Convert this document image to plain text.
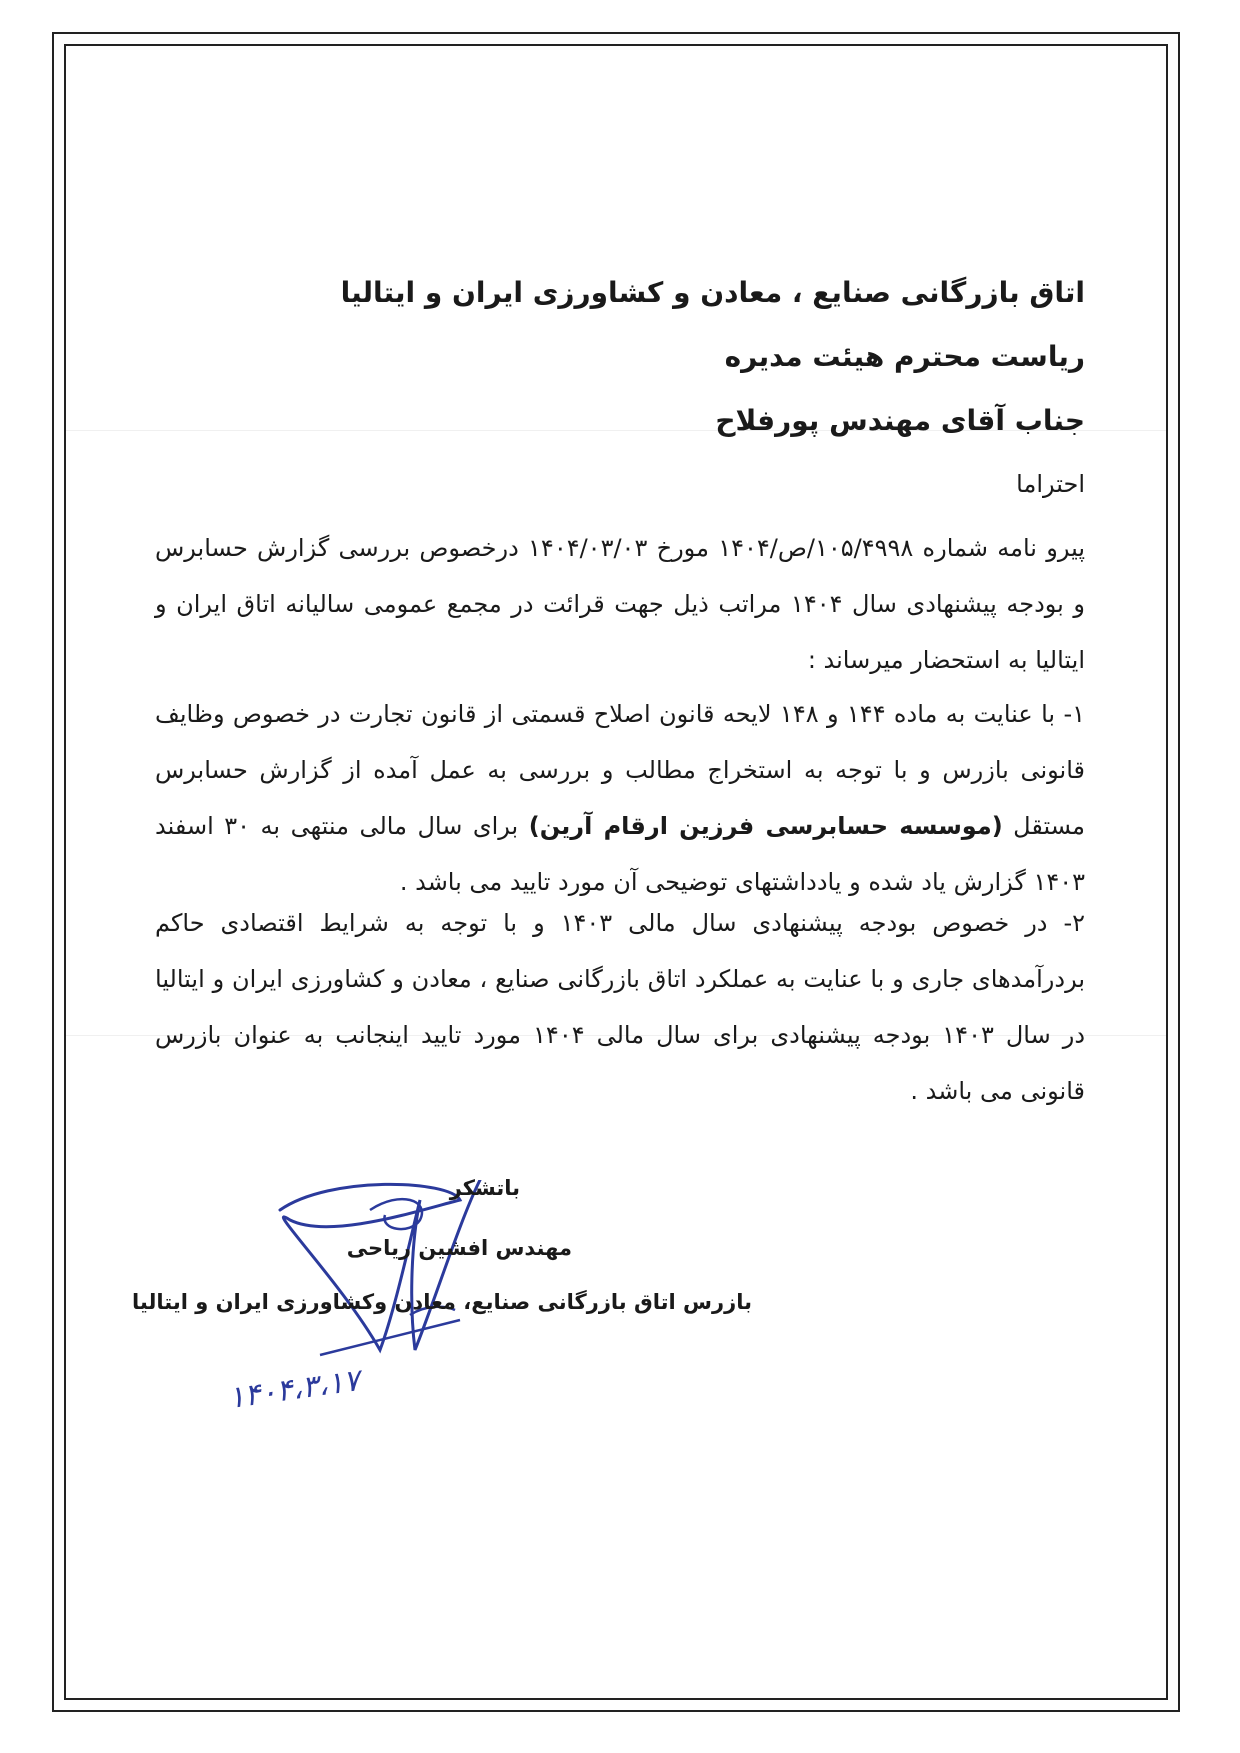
اتاق بازرگانی صنایع ، معادن و کشاورزی ایران و ایتالیا
ریاست محترم هیئت مدیره
جناب آقای مهندس پورفلاح
احتراما
پیرو نامه شماره ۱۰۵/۴۹۹۸/ص/۱۴۰۴ مورخ ۱۴۰۴/۰۳/۰۳ درخصوص بررسی گزارش حسابرس و بودجه پیشنهادی سال ۱۴۰۴ مراتب ذیل جهت قرائت در مجمع عمومی سالیانه اتاق ایران و ایتالیا به استحضار میرساند :
۱- با عنایت به ماده ۱۴۴ و ۱۴۸ لایحه قانون اصلاح قسمتی از قانون تجارت در خصوص وظایف قانونی بازرس و با توجه به استخراج مطالب و بررسی به عمل آمده از گزارش حسابرس مستقل (موسسه حسابرسی فرزین ارقام آرین) برای سال مالی منتهی به ۳۰ اسفند ۱۴۰۳ گزارش یاد شده و یادداشتهای توضیحی آن مورد تایید می باشد .
۲- در خصوص بودجه پیشنهادی سال مالی ۱۴۰۳ و با توجه به شرایط اقتصادی حاکم بردرآمدهای جاری و با عنایت به عملکرد اتاق بازرگانی صنایع ، معادن و کشاورزی ایران و ایتالیا در سال ۱۴۰۳ بودجه پیشنهادی برای سال مالی ۱۴۰۴ مورد تایید اینجانب به عنوان بازرس قانونی می باشد .
باتشکر
مهندس افشین ریاحی
۱۴۰۴،۳،۱۷
بازرس اتاق بازرگانی صنایع، معادن وکشاورزی ایران و ایتالیا
